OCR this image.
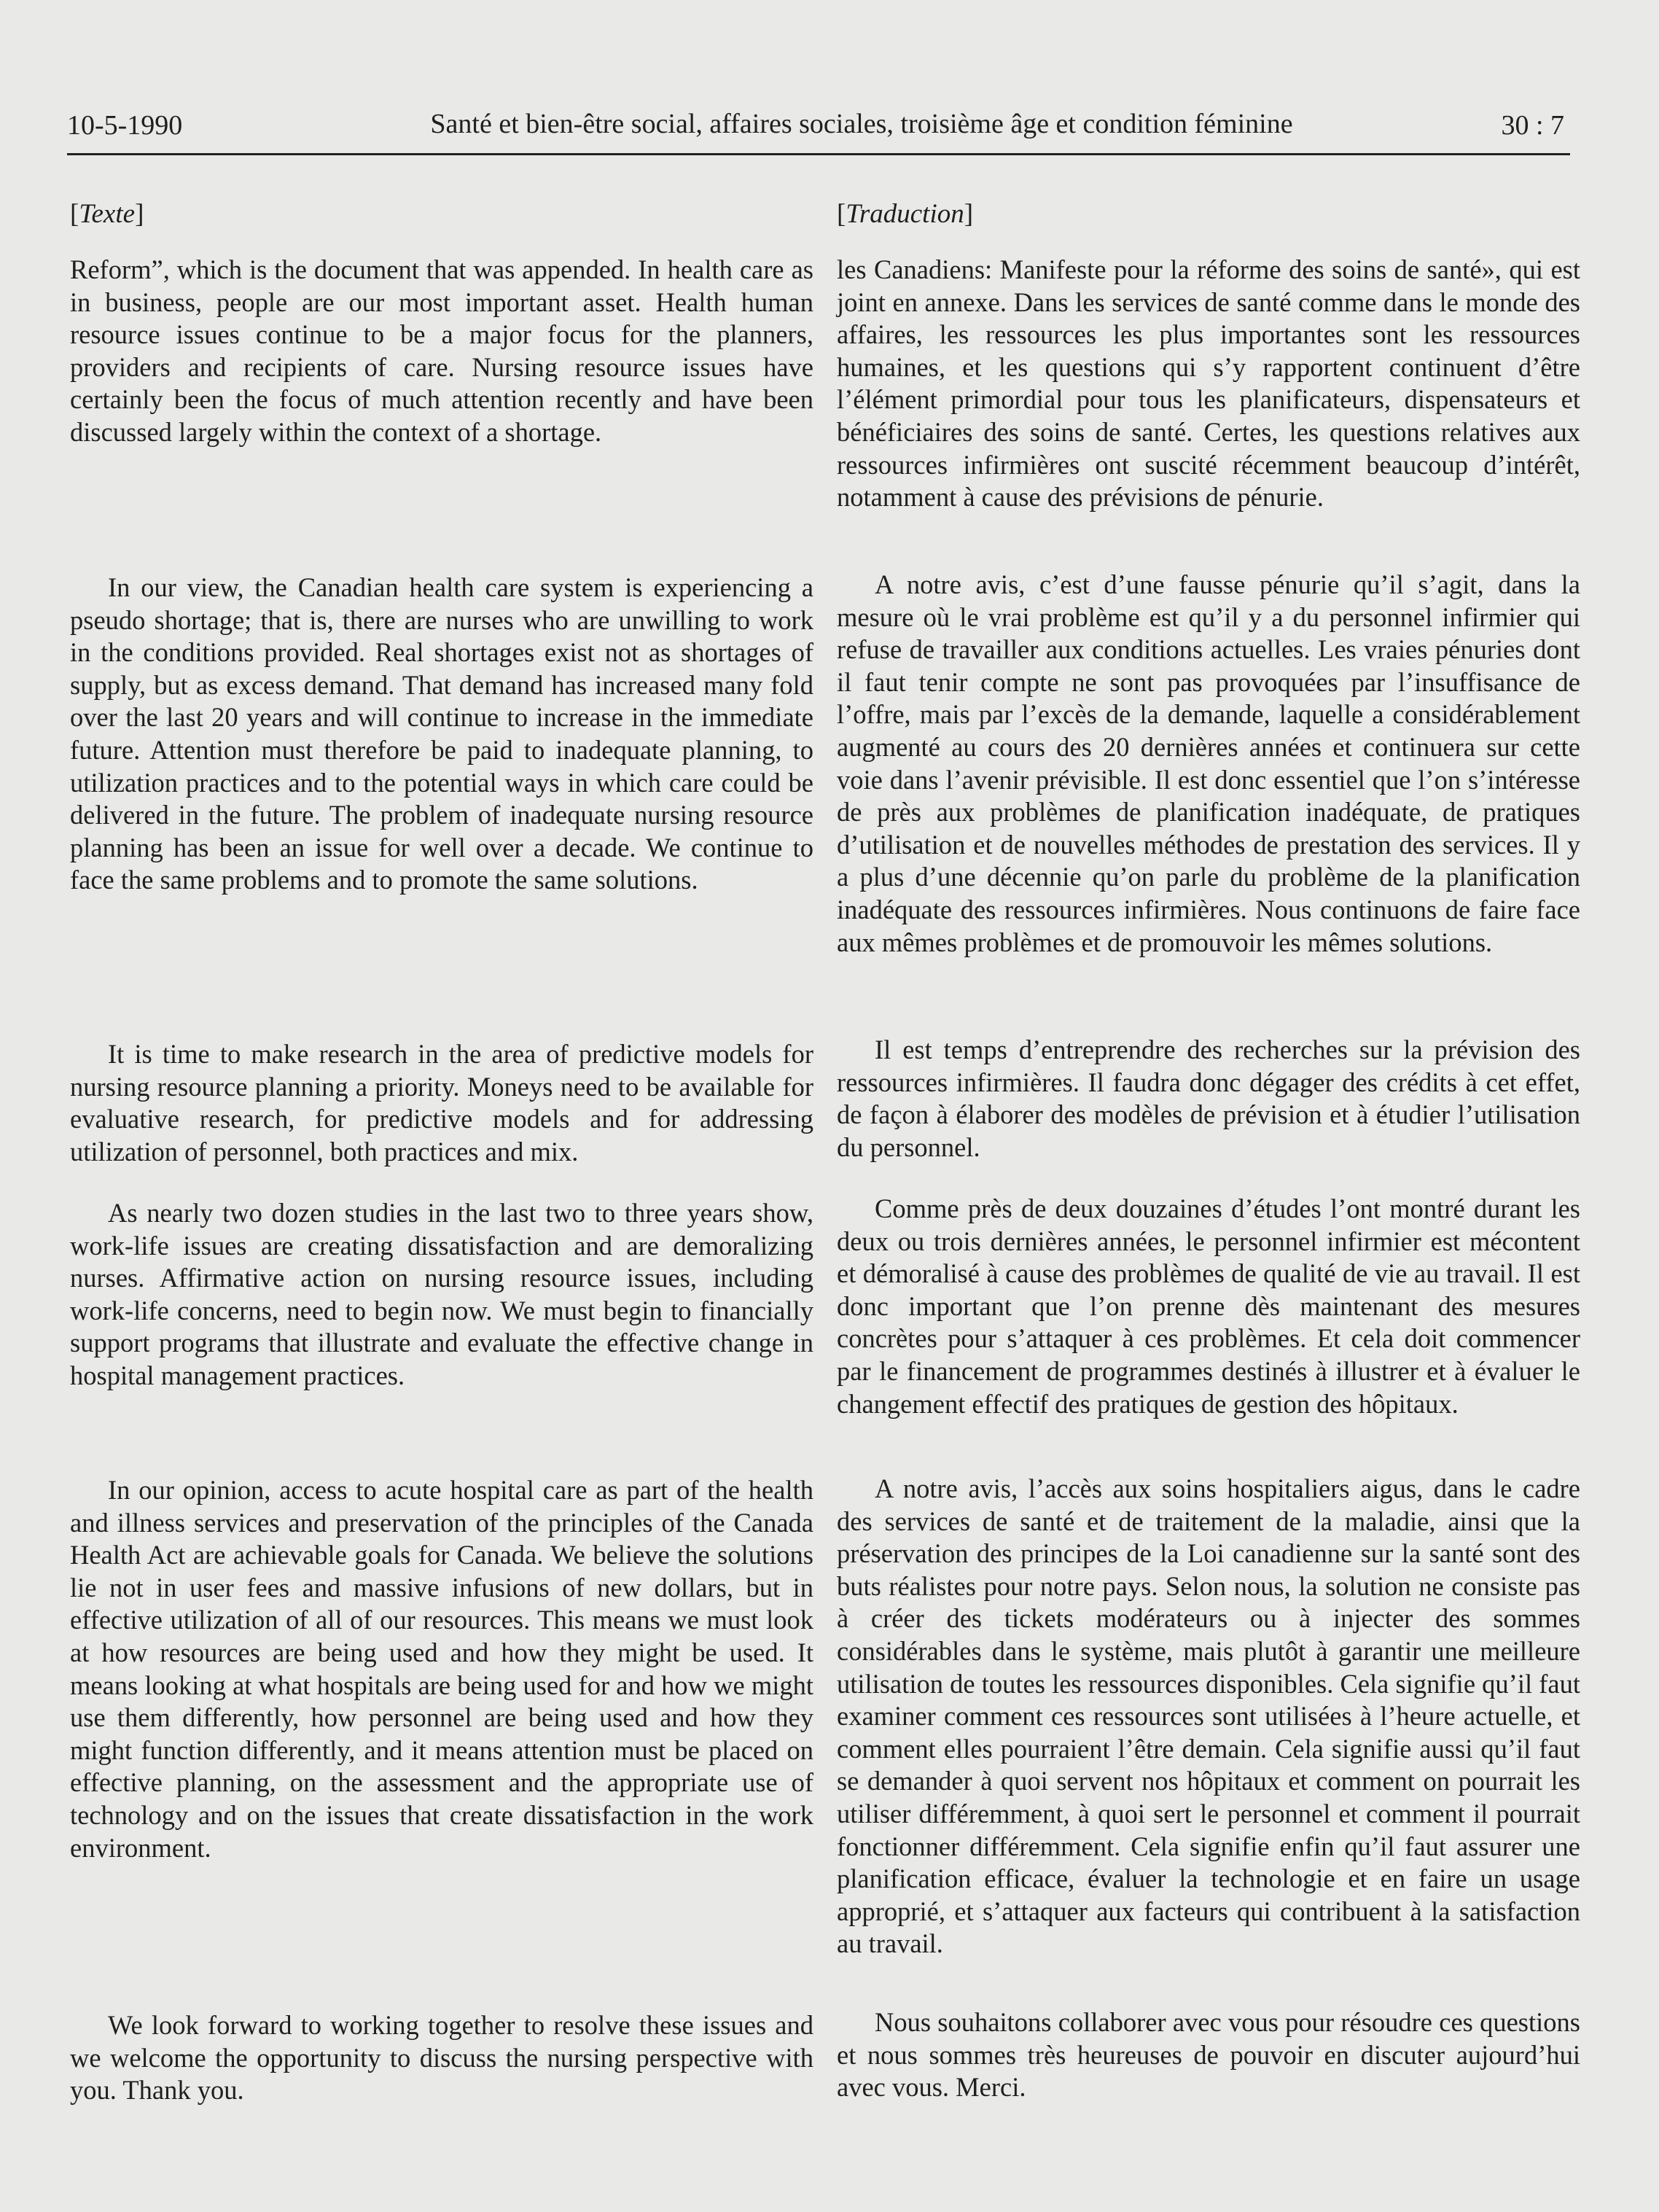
10-5-1990	Santé et bien-être social, affaires sociales, troisième âge et condition féminine	30 : 7
[Texte]

Reform”, which is the document that was appended. In health care as in business, people are our most important asset. Health human resource issues continue to be a major focus for the planners, providers and recipients of care. Nursing resource issues have certainly been the focus of much attention recently and have been discussed largely within the context of a shortage.

In our view, the Canadian health care system is experiencing a pseudo shortage; that is, there are nurses who are unwilling to work in the conditions provided. Real shortages exist not as shortages of supply, but as excess demand. That demand has increased many fold over the last 20 years and will continue to increase in the immediate future. Attention must therefore be paid to inadequate planning, to utilization practices and to the potential ways in which care could be delivered in the future. The problem of inadequate nursing resource planning has been an issue for well over a decade. We continue to face the same problems and to promote the same solutions.

It is time to make research in the area of predictive models for nursing resource planning a priority. Moneys need to be available for evaluative research, for predictive models and for addressing utilization of personnel, both practices and mix.

As nearly two dozen studies in the last two to three years show, work-life issues are creating dissatisfaction and are demoralizing nurses. Affirmative action on nursing resource issues, including work-life concerns, need to begin now. We must begin to financially support programs that illustrate and evaluate the effective change in hospital management practices.

In our opinion, access to acute hospital care as part of the health and illness services and preservation of the principles of the Canada Health Act are achievable goals for Canada. We believe the solutions lie not in user fees and massive infusions of new dollars, but in effective utilization of all of our resources. This means we must look at how resources are being used and how they might be used. It means looking at what hospitals are being used for and how we might use them differently, how personnel are being used and how they might function differently, and it means attention must be placed on effective planning, on the assessment and the appropriate use of technology and on the issues that create dissatisfaction in the work environment.

We look forward to working together to resolve these issues and we welcome the opportunity to discuss the nursing perspective with you. Thank you.

[Traduction]

les Canadiens: Manifeste pour la réforme des soins de santé», qui est joint en annexe. Dans les services de santé comme dans le monde des affaires, les ressources les plus importantes sont les ressources humaines, et les questions qui s’y rapportent continuent d’être l’élément primordial pour tous les planificateurs, dispensateurs et bénéficiaires des soins de santé. Certes, les questions relatives aux ressources infirmières ont suscité récemment beaucoup d’intérêt, notamment à cause des prévisions de pénurie.

A notre avis, c’est d’une fausse pénurie qu’il s’agit, dans la mesure où le vrai problème est qu’il y a du personnel infirmier qui refuse de travailler aux conditions actuelles. Les vraies pénuries dont il faut tenir compte ne sont pas provoquées par l’insuffisance de l’offre, mais par l’excès de la demande, laquelle a considérablement augmenté au cours des 20 dernières années et continuera sur cette voie dans l’avenir prévisible. Il est donc essentiel que l’on s’intéresse de près aux problèmes de planification inadéquate, de pratiques d’utilisation et de nouvelles méthodes de prestation des services. Il y a plus d’une décennie qu’on parle du problème de la planification inadéquate des ressources infirmières. Nous continuons de faire face aux mêmes problèmes et de promouvoir les mêmes solutions.

Il est temps d’entreprendre des recherches sur la prévision des ressources infirmières. Il faudra donc dégager des crédits à cet effet, de façon à élaborer des modèles de prévision et à étudier l’utilisation du personnel.

Comme près de deux douzaines d’études l’ont montré durant les deux ou trois dernières années, le personnel infirmier est mécontent et démoralisé à cause des problèmes de qualité de vie au travail. Il est donc important que l’on prenne dès maintenant des mesures concrètes pour s’attaquer à ces problèmes. Et cela doit commencer par le financement de programmes destinés à illustrer et à évaluer le changement effectif des pratiques de gestion des hôpitaux.

A notre avis, l’accès aux soins hospitaliers aigus, dans le cadre des services de santé et de traitement de la maladie, ainsi que la préservation des principes de la Loi canadienne sur la santé sont des buts réalistes pour notre pays. Selon nous, la solution ne consiste pas à créer des tickets modérateurs ou à injecter des sommes considérables dans le système, mais plutôt à garantir une meilleure utilisation de toutes les ressources disponibles. Cela signifie qu’il faut examiner comment ces ressources sont utilisées à l’heure actuelle, et comment elles pourraient l’être demain. Cela signifie aussi qu’il faut se demander à quoi servent nos hôpitaux et comment on pourrait les utiliser différemment, à quoi sert le personnel et comment il pourrait fonctionner différemment. Cela signifie enfin qu’il faut assurer une planification efficace, évaluer la technologie et en faire un usage approprié, et s’attaquer aux facteurs qui contribuent à la satisfaction au travail.

Nous souhaitons collaborer avec vous pour résoudre ces questions et nous sommes très heureuses de pouvoir en discuter aujourd’hui avec vous. Merci.
